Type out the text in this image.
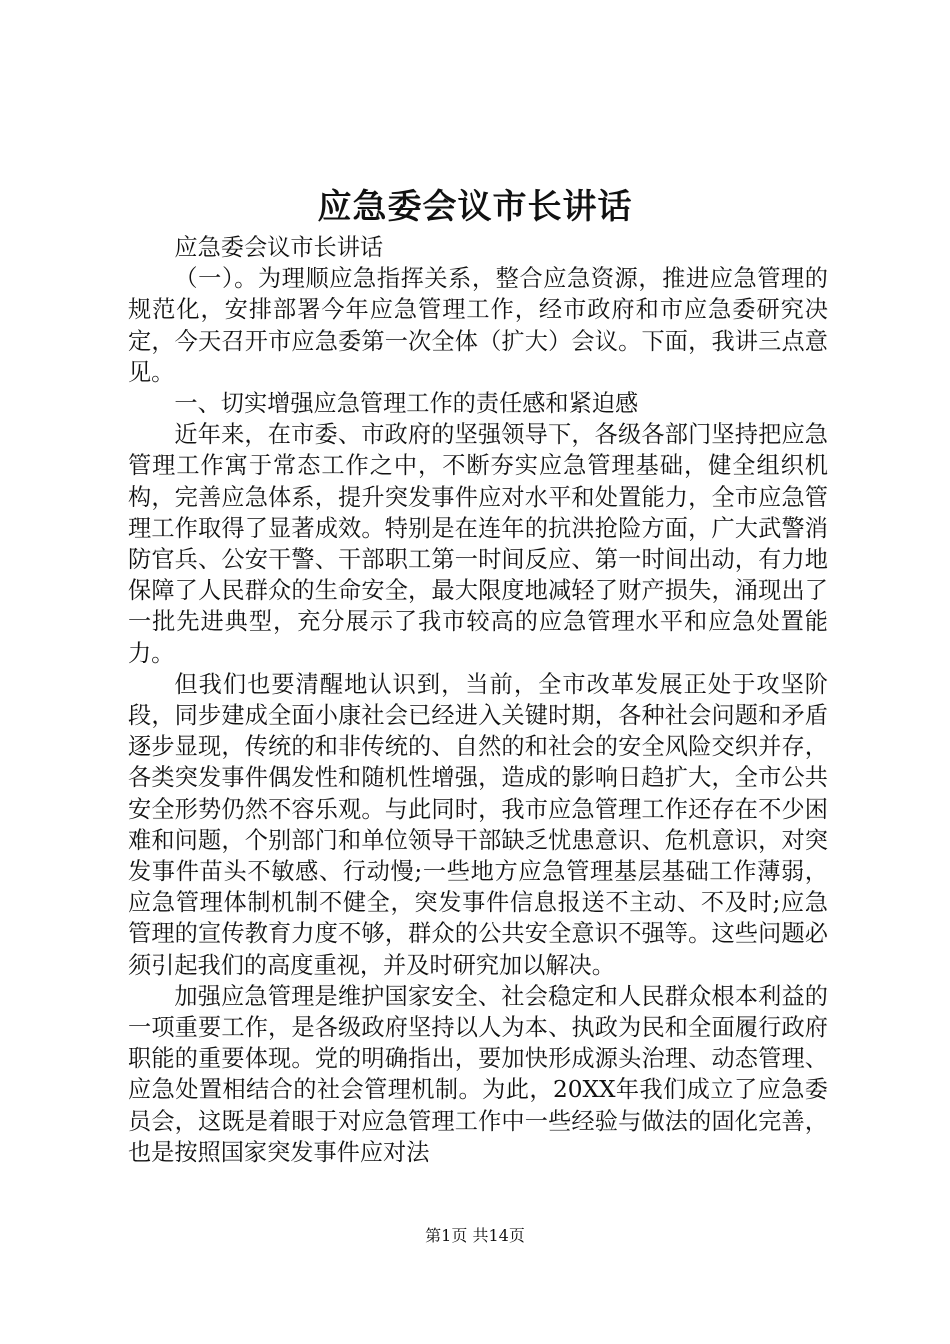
应急委会议市长讲话

应急委会议市长讲话

（一）。为理顺应急指挥关系，整合应急资源，推进应急管理的规范化，安排部署今年应急管理工作，经市政府和市应急委研究决定，今天召开市应急委第一次全体（扩大）会议。下面，我讲三点意见。

一、切实增强应急管理工作的责任感和紧迫感

近年来，在市委、市政府的坚强领导下，各级各部门坚持把应急管理工作寓于常态工作之中，不断夯实应急管理基础，健全组织机构，完善应急体系，提升突发事件应对水平和处置能力，全市应急管理工作取得了显著成效。特别是在连年的抗洪抢险方面，广大武警消防官兵、公安干警、干部职工第一时间反应、第一时间出动，有力地保障了人民群众的生命安全，最大限度地减轻了财产损失，涌现出了一批先进典型，充分展示了我市较高的应急管理水平和应急处置能力。

但我们也要清醒地认识到，当前，全市改革发展正处于攻坚阶段，同步建成全面小康社会已经进入关键时期，各种社会问题和矛盾逐步显现，传统的和非传统的、自然的和社会的安全风险交织并存，各类突发事件偶发性和随机性增强，造成的影响日趋扩大，全市公共安全形势仍然不容乐观。与此同时，我市应急管理工作还存在不少困难和问题，个别部门和单位领导干部缺乏忧患意识、危机意识，对突发事件苗头不敏感、行动慢;一些地方应急管理基层基础工作薄弱，应急管理体制机制不健全，突发事件信息报送不主动、不及时;应急管理的宣传教育力度不够，群众的公共安全意识不强等。这些问题必须引起我们的高度重视，并及时研究加以解决。

加强应急管理是维护国家安全、社会稳定和人民群众根本利益的一项重要工作，是各级政府坚持以人为本、执政为民和全面履行政府职能的重要体现。党的明确指出，要加快形成源头治理、动态管理、应急处置相结合的社会管理机制。为此，20XX年我们成立了应急委员会，这既是着眼于对应急管理工作中一些经验与做法的固化完善，也是按照国家突发事件应对法

第1页 共14页
